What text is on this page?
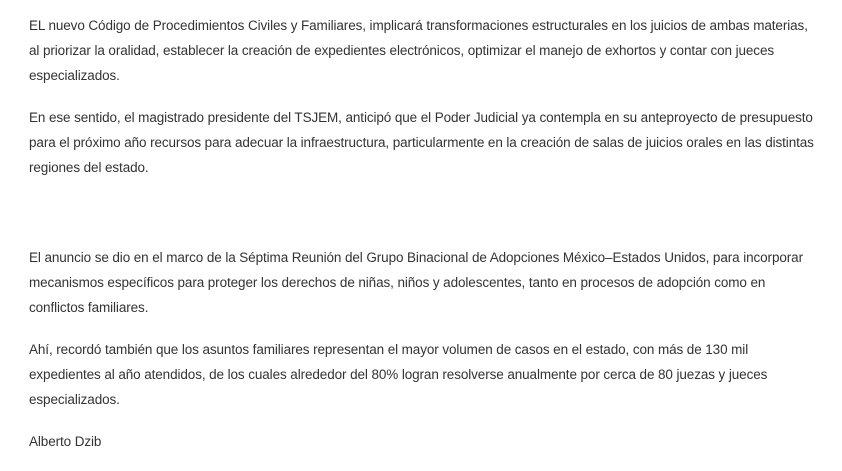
EL nuevo Código de Procedimientos Civiles y Familiares, implicará transformaciones estructurales en los juicios de ambas materias, al priorizar la oralidad, establecer la creación de expedientes electrónicos, optimizar el manejo de exhortos y contar con jueces especializados.

En ese sentido, el magistrado presidente del TSJEM, anticipó que el Poder Judicial ya contempla en su anteproyecto de presupuesto para el próximo año recursos para adecuar la infraestructura, particularmente en la creación de salas de juicios orales en las distintas regiones del estado.

El anuncio se dio en el marco de la Séptima Reunión del Grupo Binacional de Adopciones México–Estados Unidos, para incorporar mecanismos específicos para proteger los derechos de niñas, niños y adolescentes, tanto en procesos de adopción como en conflictos familiares.

Ahí, recordó también que los asuntos familiares representan el mayor volumen de casos en el estado, con más de 130 mil expedientes al año atendidos, de los cuales alrededor del 80% logran resolverse anualmente por cerca de 80 juezas y jueces especializados.

Alberto Dzib
